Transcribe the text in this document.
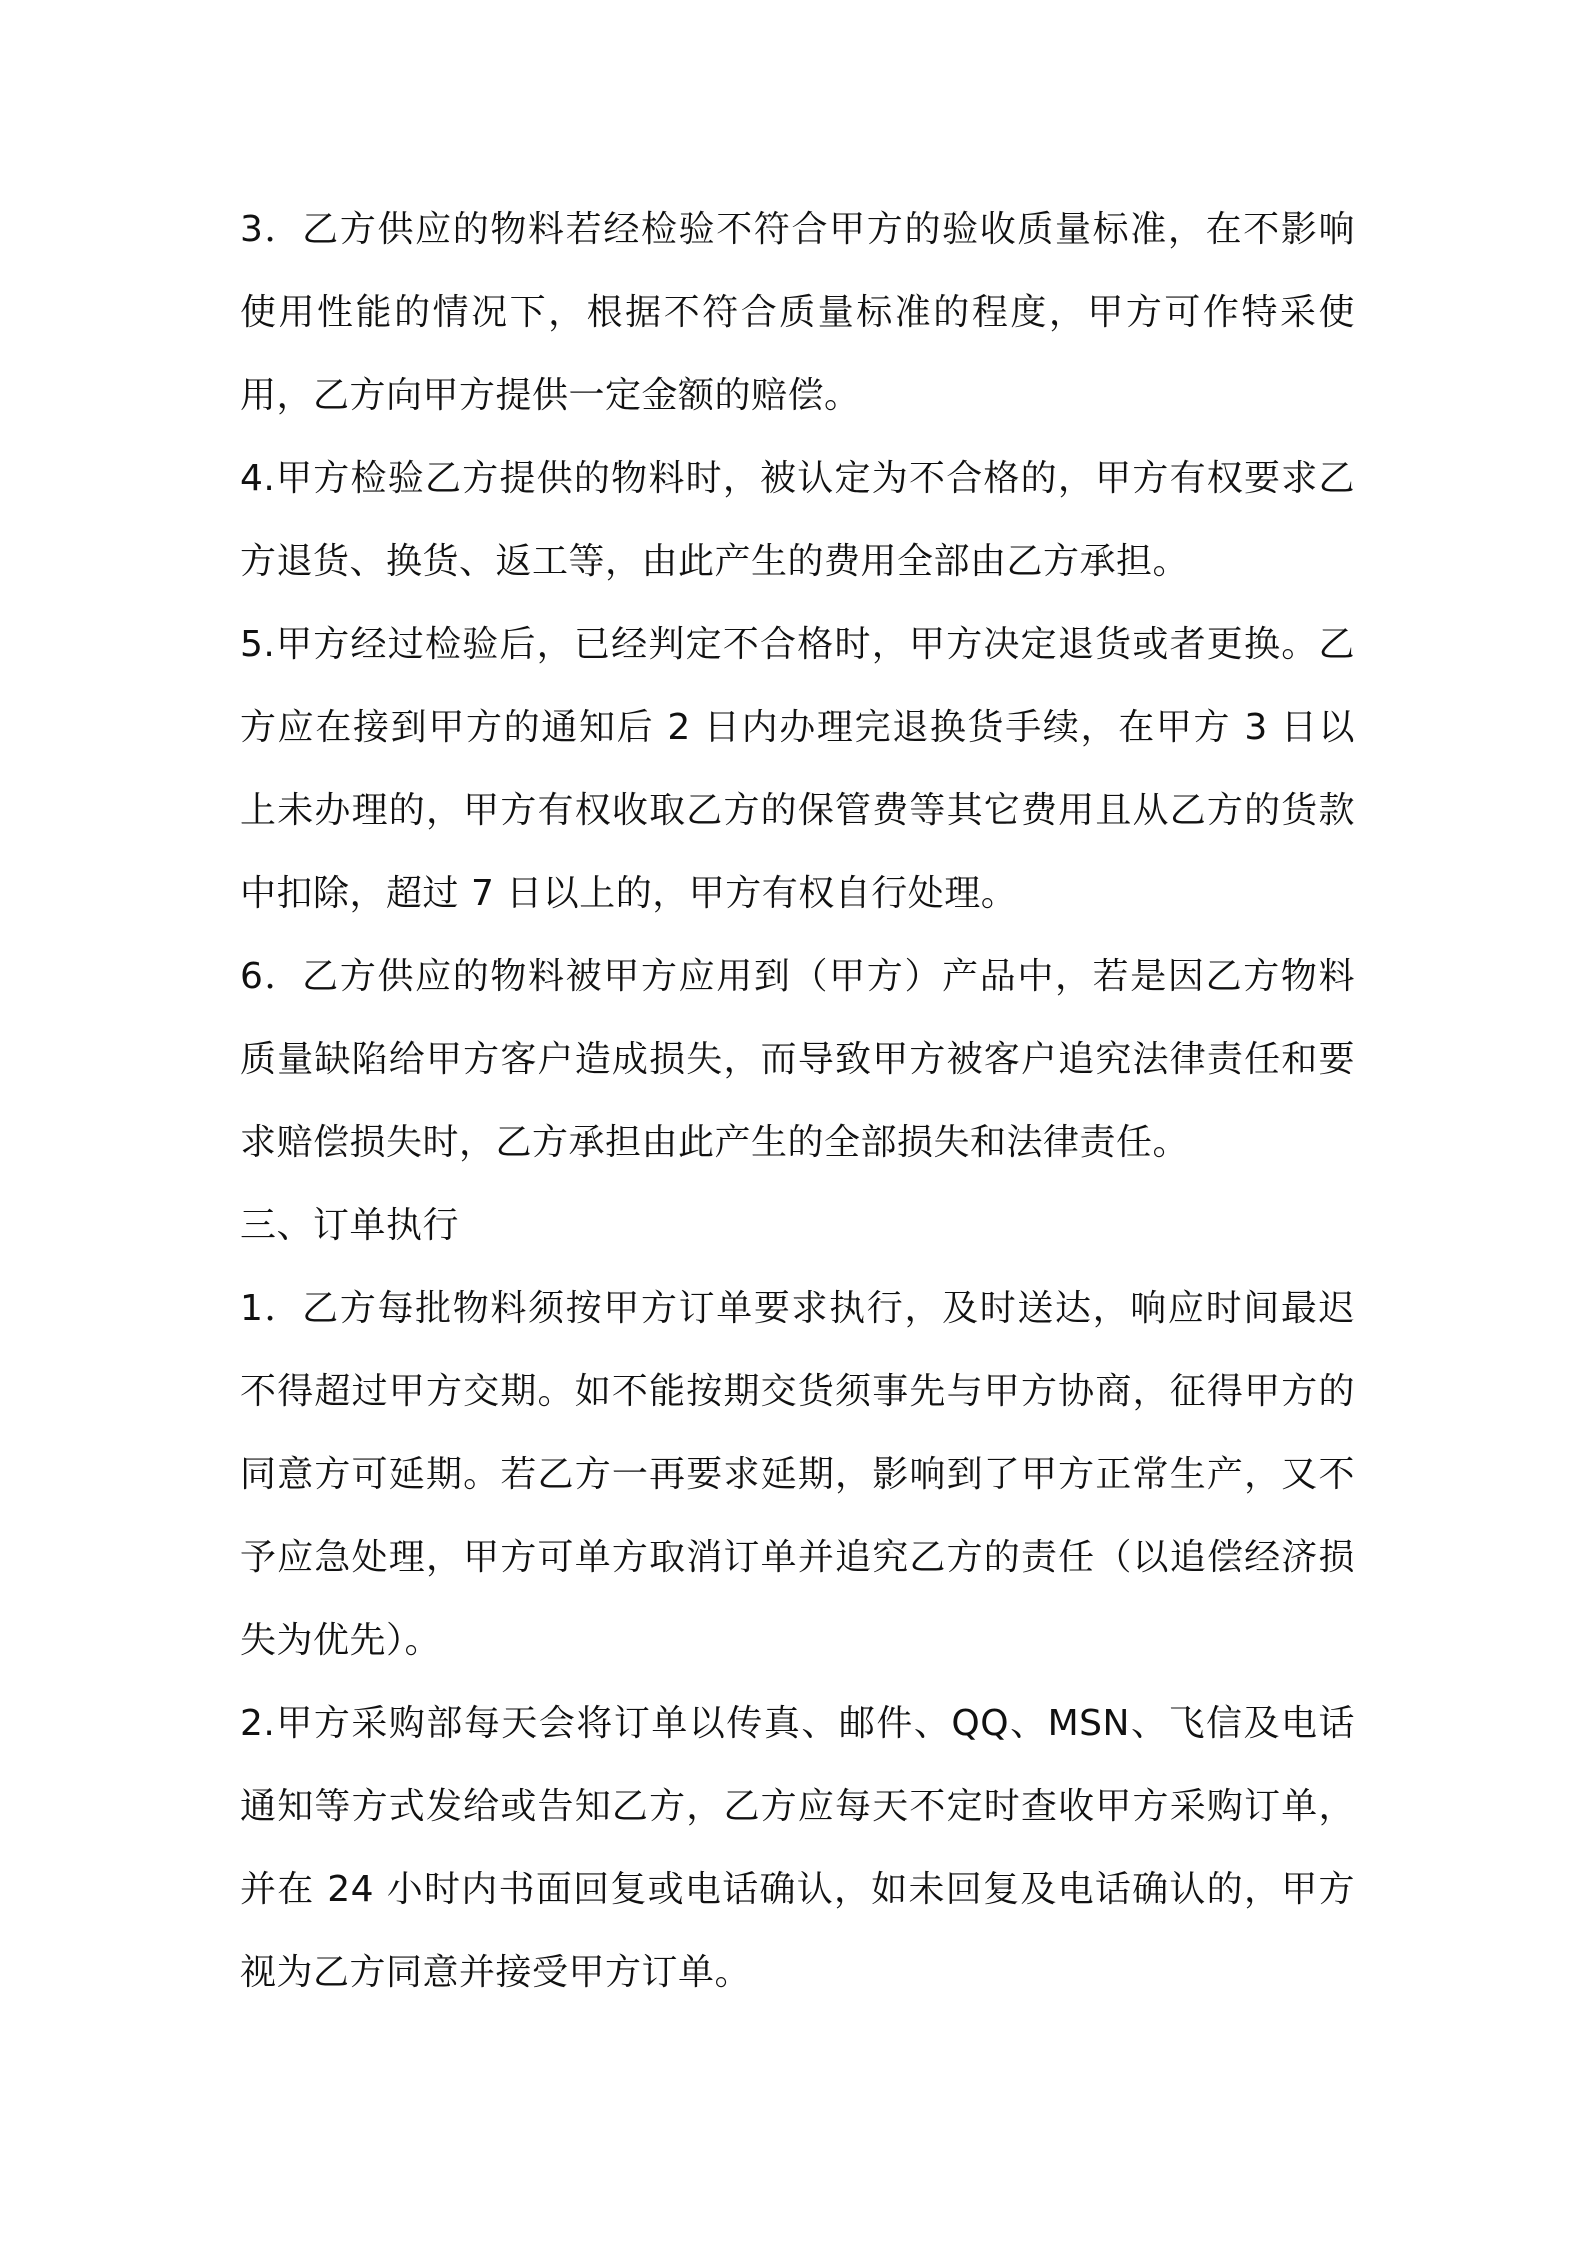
3．乙方供应的物料若经检验不符合甲方的验收质量标准，在不影响使用性能的情况下，根据不符合质量标准的程度，甲方可作特采使用，乙方向甲方提供一定金额的赔偿。

4.甲方检验乙方提供的物料时，被认定为不合格的，甲方有权要求乙方退货、换货、返工等，由此产生的费用全部由乙方承担。

5.甲方经过检验后，已经判定不合格时，甲方决定退货或者更换。乙方应在接到甲方的通知后 2 日内办理完退换货手续，在甲方 3 日以上未办理的，甲方有权收取乙方的保管费等其它费用且从乙方的货款中扣除，超过 7 日以上的，甲方有权自行处理。

6．乙方供应的物料被甲方应用到（甲方）产品中，若是因乙方物料质量缺陷给甲方客户造成损失，而导致甲方被客户追究法律责任和要求赔偿损失时，乙方承担由此产生的全部损失和法律责任。

三、订单执行

1．乙方每批物料须按甲方订单要求执行，及时送达，响应时间最迟不得超过甲方交期。如不能按期交货须事先与甲方协商，征得甲方的同意方可延期。若乙方一再要求延期，影响到了甲方正常生产，又不予应急处理，甲方可单方取消订单并追究乙方的责任（以追偿经济损失为优先）。

2.甲方采购部每天会将订单以传真、邮件、QQ、MSN、飞信及电话通知等方式发给或告知乙方，乙方应每天不定时查收甲方采购订单，并在 24 小时内书面回复或电话确认，如未回复及电话确认的，甲方视为乙方同意并接受甲方订单。
